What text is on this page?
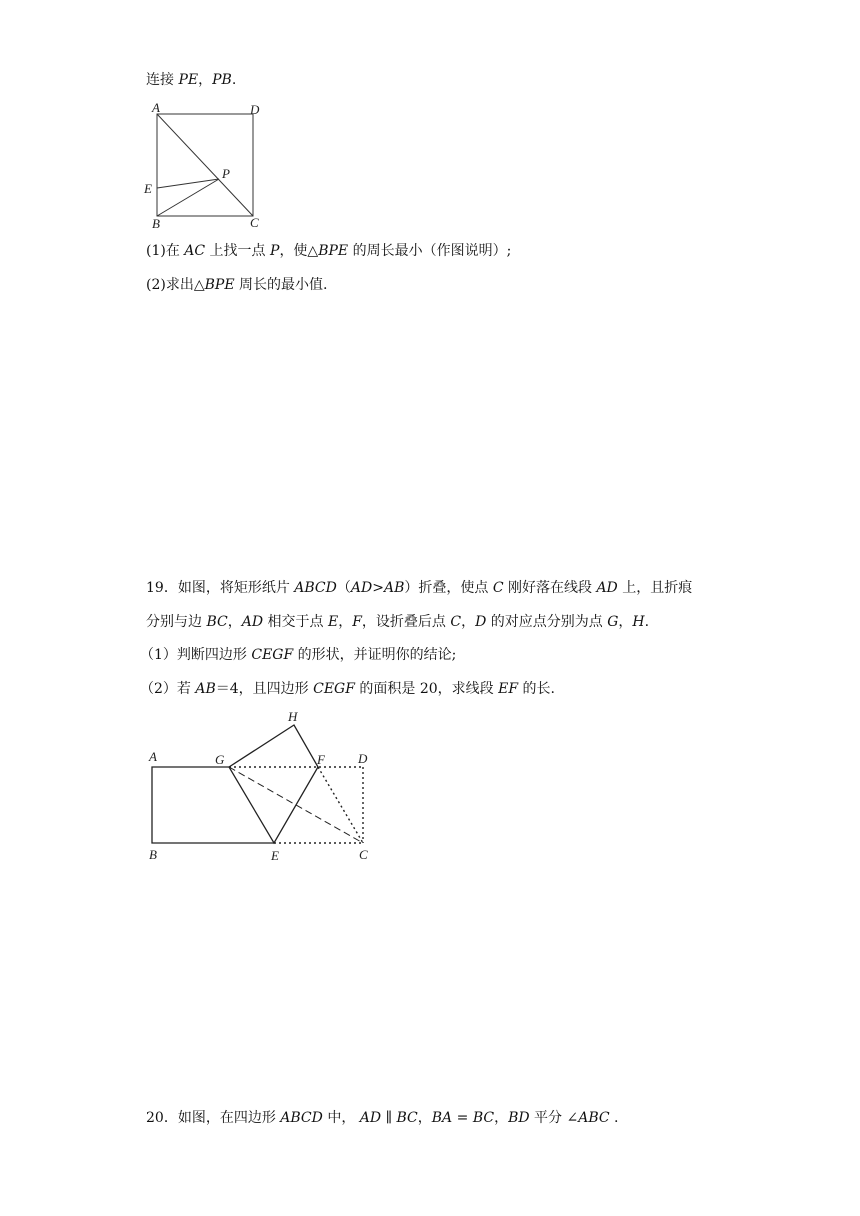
连接 PE，PB.
A	D
P
E
B	C
(1)在 AC 上找一点 P，使△BPE 的周长最小（作图说明）;
(2)求出△BPE 周长的最小值.
19．如图，将矩形纸片 ABCD（AD>AB）折叠，使点 C 刚好落在线段 AD 上，且折痕
分别与边 BC，AD 相交于点 E，F，设折叠后点 C，D 的对应点分别为点 G，H.
（1）判断四边形 CEGF 的形状，并证明你的结论;
（2）若 AB＝4，且四边形 CEGF 的面积是 20，求线段 EF 的长.
H
A	G	F	D
B	E	C
20．如图，在四边形 ABCD 中， AD ∥ BC，BA = BC，BD 平分 ∠ABC .
